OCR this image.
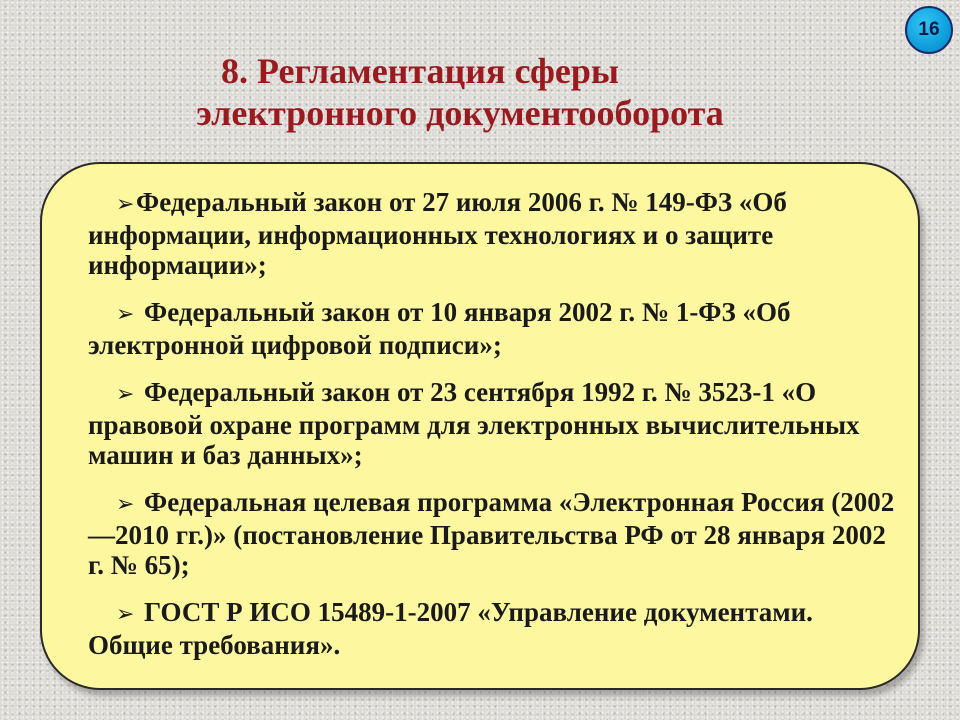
16
8. Регламентация сферы
электронного документооборота
➢Федеральный закон от 27 июля 2006 г. № 149-ФЗ «Об информации, информационных технологиях и о защите информации»;
➢ Федеральный закон от 10 января 2002 г. № 1-ФЗ «Об электронной цифровой подписи»;
➢ Федеральный закон от 23 сентября 1992 г. № 3523-1 «О правовой охране программ для электронных вычислительных машин и баз данных»;
➢ Федеральная целевая программа «Электронная Россия (2002—2010 гг.)» (постановление Правительства РФ от 28 января 2002 г. № 65);
➢ ГОСТ Р ИСО 15489-1-2007 «Управление документами. Общие требования».
